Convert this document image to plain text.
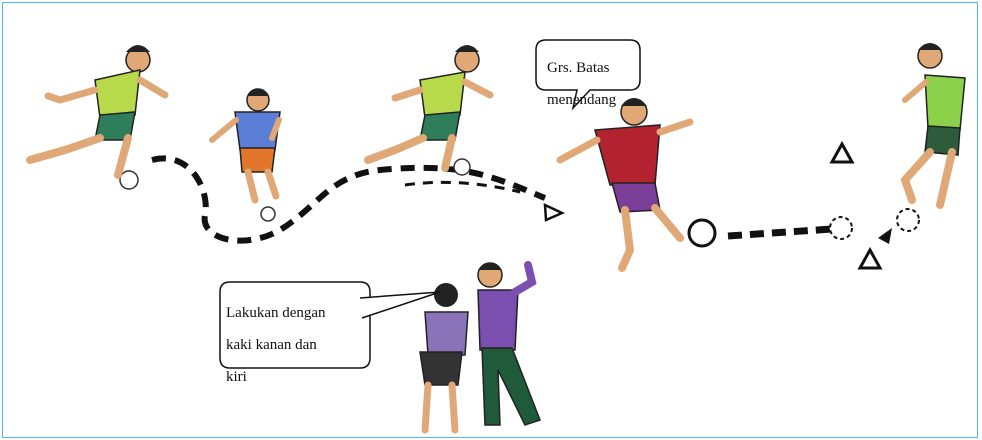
Grs. Batas

menendang

Lakukan dengan

kaki kanan dan

kiri
